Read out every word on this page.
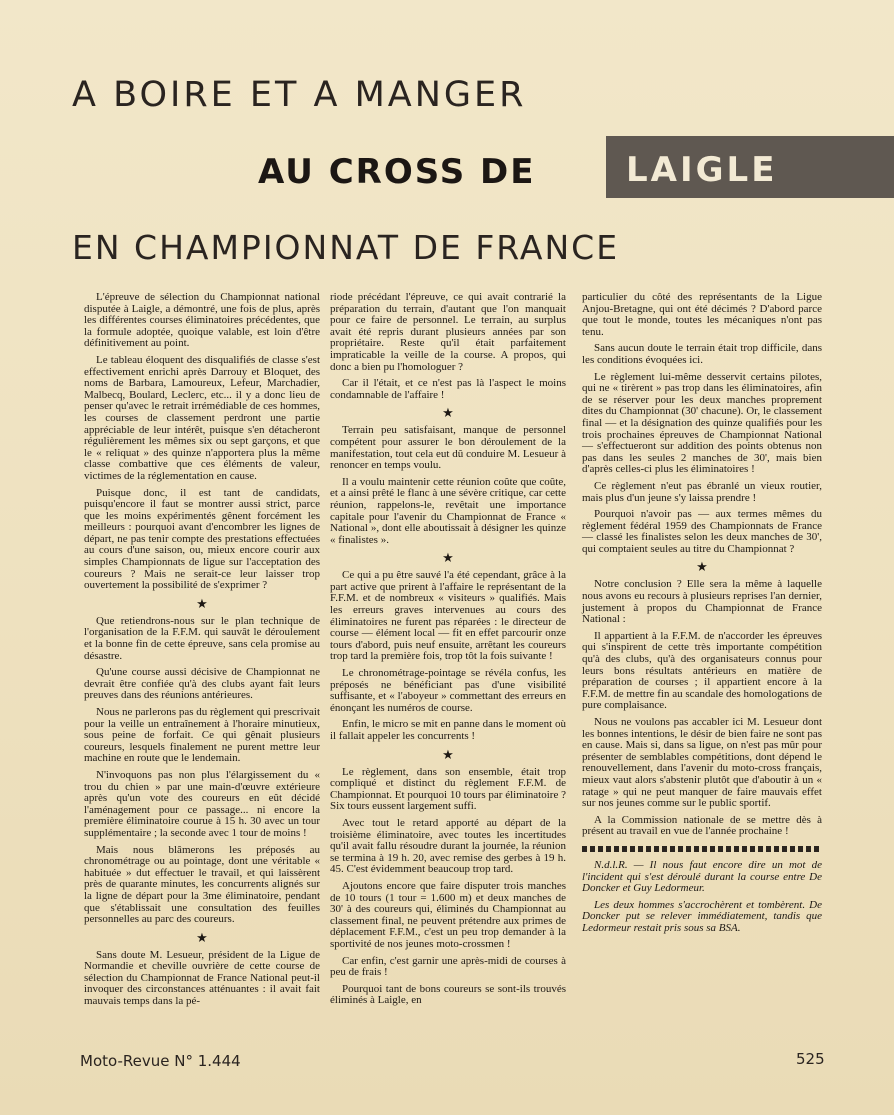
A BOIRE ET A MANGER
AU CROSS DE	LAIGLE
EN CHAMPIONNAT DE FRANCE

L'épreuve de sélection du Championnat national disputée à Laigle, a démontré, une fois de plus, après les différentes courses éliminatoires précédentes, que la formule adoptée, quoique valable, est loin d'être définitivement au point.

Le tableau éloquent des disqualifiés de classe s'est effectivement enrichi après Darrouy et Bloquet, des noms de Barbara, Lamoureux, Lefeur, Marchadier, Malbecq, Boulard, Leclerc, etc... il y a donc lieu de penser qu'avec le retrait irrémédiable de ces hommes, les courses de classement perdront une partie appréciable de leur intérêt, puisque s'en détacheront régulièrement les mêmes six ou sept garçons, et que le « reliquat » des quinze n'apportera plus la même classe combattive que ces éléments de valeur, victimes de la réglementation en cause.

Puisque donc, il est tant de candidats, puisqu'encore il faut se montrer aussi strict, parce que les moins expérimentés gênent forcément les meilleurs : pourquoi avant d'encombrer les lignes de départ, ne pas tenir compte des prestations effectuées au cours d'une saison, ou, mieux encore courir aux simples Championnats de ligue sur l'acceptation des coureurs ? Mais ne serait-ce leur laisser trop ouvertement la possibilité de s'exprimer ?

★

Que retiendrons-nous sur le plan technique de l'organisation de la F.F.M. qui sauvât le déroulement et la bonne fin de cette épreuve, sans cela promise au désastre.

Qu'une course aussi décisive de Championnat ne devrait être confiée qu'à des clubs ayant fait leurs preuves dans des réunions antérieures.

Nous ne parlerons pas du règlement qui prescrivait pour la veille un entraînement à l'horaire minutieux, sous peine de forfait. Ce qui gênait plusieurs coureurs, lesquels finalement ne purent mettre leur machine en route que le lendemain.

N'invoquons pas non plus l'élargissement du « trou du chien » par une main-d'œuvre extérieure après qu'un vote des coureurs en eût décidé l'aménagement pour ce passage... ni encore la première éliminatoire courue à 15 h. 30 avec un tour supplémentaire ; la seconde avec 1 tour de moins !

Mais nous blâmerons les préposés au chronométrage ou au pointage, dont une véritable « habituée » dut effectuer le travail, et qui laissèrent près de quarante minutes, les concurrents alignés sur la ligne de départ pour la 3me éliminatoire, pendant que s'établissait une consultation des feuilles personnelles au parc des coureurs.

★

Sans doute M. Lesueur, président de la Ligue de Normandie et cheville ouvrière de cette course de sélection du Championnat de France National peut-il invoquer des circonstances atténuantes : il avait fait mauvais temps dans la pé-

riode précédant l'épreuve, ce qui avait contrarié la préparation du terrain, d'autant que l'on manquait pour ce faire de personnel. Le terrain, au surplus avait été repris durant plusieurs années par son propriétaire. Reste qu'il était parfaitement impraticable la veille de la course. A propos, qui donc a bien pu l'homologuer ?

Car il l'était, et ce n'est pas là l'aspect le moins condamnable de l'affaire !

★

Terrain peu satisfaisant, manque de personnel compétent pour assurer le bon déroulement de la manifestation, tout cela eut dû conduire M. Lesueur à renoncer en temps voulu.

Il a voulu maintenir cette réunion coûte que coûte, et a ainsi prêté le flanc à une sévère critique, car cette réunion, rappelons-le, revêtait une importance capitale pour l'avenir du Championnat de France « National », dont elle aboutissait à désigner les quinze « finalistes ».

★

Ce qui a pu être sauvé l'a été cependant, grâce à la part active que prirent à l'affaire le représentant de la F.F.M. et de nombreux « visiteurs » qualifiés. Mais les erreurs graves intervenues au cours des éliminatoires ne furent pas réparées : le directeur de course — élément local — fit en effet parcourir onze tours d'abord, puis neuf ensuite, arrêtant les coureurs trop tard la première fois, trop tôt la fois suivante !

Le chronométrage-pointage se révéla confus, les préposés ne bénéficiant pas d'une visibilité suffisante, et « l'aboyeur » commettant des erreurs en énonçant les numéros de course.

Enfin, le micro se mit en panne dans le moment où il fallait appeler les concurrents !

★

Le règlement, dans son ensemble, était trop compliqué et distinct du règlement F.F.M. de Championnat. Et pourquoi 10 tours par éliminatoire ? Six tours eussent largement suffi.

Avec tout le retard apporté au départ de la troisième éliminatoire, avec toutes les incertitudes qu'il avait fallu résoudre durant la journée, la réunion se termina à 19 h. 20, avec remise des gerbes à 19 h. 45. C'est évidemment beaucoup trop tard.

Ajoutons encore que faire disputer trois manches de 10 tours (1 tour = 1.600 m) et deux manches de 30' à des coureurs qui, éliminés du Championnat au classement final, ne peuvent prétendre aux primes de déplacement F.F.M., c'est un peu trop demander à la sportivité de nos jeunes moto-crossmen !

Car enfin, c'est garnir une après-midi de courses à peu de frais !

Pourquoi tant de bons coureurs se sont-ils trouvés éliminés à Laigle, en

particulier du côté des représentants de la Ligue Anjou-Bretagne, qui ont été décimés ? D'abord parce que tout le monde, toutes les mécaniques n'ont pas tenu.

Sans aucun doute le terrain était trop difficile, dans les conditions évoquées ici.

Le règlement lui-même desservit certains pilotes, qui ne « tirèrent » pas trop dans les éliminatoires, afin de se réserver pour les deux manches proprement dites du Championnat (30' chacune). Or, le classement final — et la désignation des quinze qualifiés pour les trois prochaines épreuves de Championnat National — s'effectueront sur addition des points obtenus non pas dans les seules 2 manches de 30', mais bien d'après celles-ci plus les éliminatoires !

Ce règlement n'eut pas ébranlé un vieux routier, mais plus d'un jeune s'y laissa prendre !

Pourquoi n'avoir pas — aux termes mêmes du règlement fédéral 1959 des Championnats de France — classé les finalistes selon les deux manches de 30', qui comptaient seules au titre du Championnat ?

★

Notre conclusion ? Elle sera la même à laquelle nous avons eu recours à plusieurs reprises l'an dernier, justement à propos du Championnat de France National :

Il appartient à la F.F.M. de n'accorder les épreuves qui s'inspirent de cette très importante compétition qu'à des clubs, qu'à des organisateurs connus pour leurs bons résultats antérieurs en matière de préparation de courses ; il appartient encore à la F.F.M. de mettre fin au scandale des homologations de pure complaisance.

Nous ne voulons pas accabler ici M. Lesueur dont les bonnes intentions, le désir de bien faire ne sont pas en cause. Mais si, dans sa ligue, on n'est pas mûr pour présenter de semblables compétitions, dont dépend le renouvellement, dans l'avenir du moto-cross français, mieux vaut alors s'abstenir plutôt que d'aboutir à un « ratage » qui ne peut manquer de faire mauvais effet sur nos jeunes comme sur le public sportif.

A la Commission nationale de se mettre dès à présent au travail en vue de l'année prochaine !

N.d.l.R. — Il nous faut encore dire un mot de l'incident qui s'est déroulé durant la course entre De Doncker et Guy Ledormeur.

Les deux hommes s'accrochèrent et tombèrent. De Doncker put se relever immédiatement, tandis que Ledormeur restait pris sous sa BSA.

Moto-Revue N° 1.444	525
